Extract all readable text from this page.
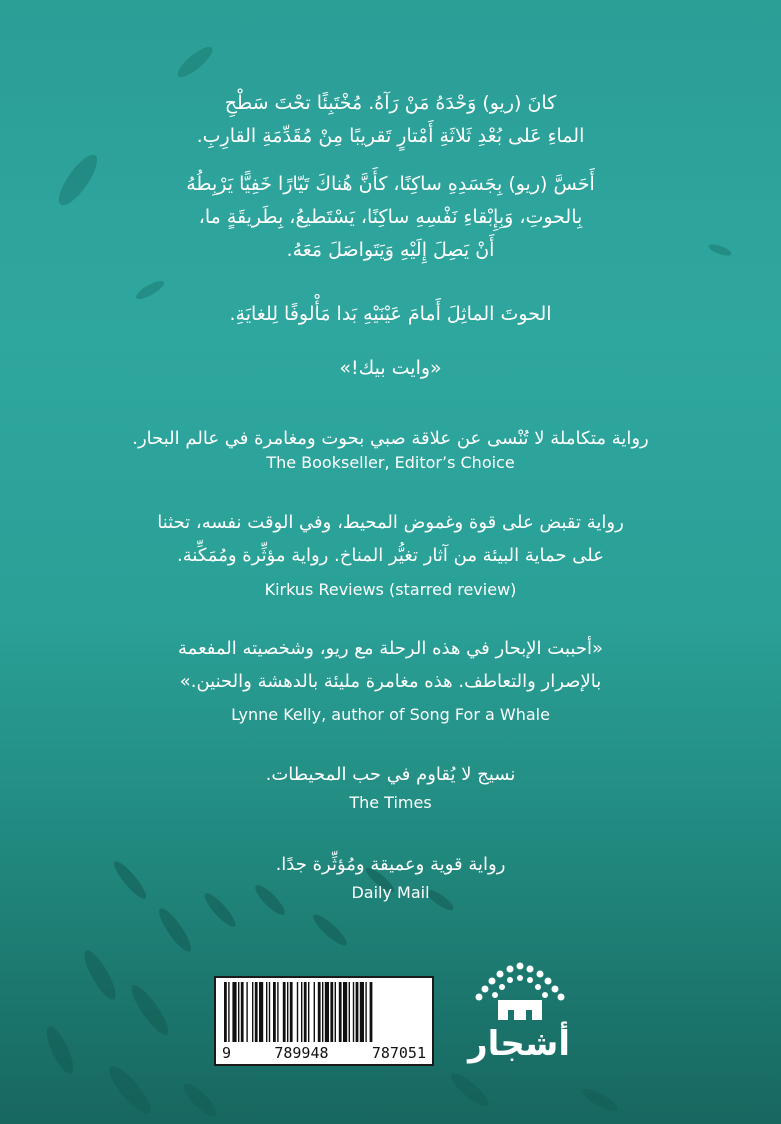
كانَ (ريو) وَحْدَهُ مَنْ رَآهُ. مُخْتَبِئًا تحْتَ سَطْحِ
الماءِ عَلى بُعْدِ ثَلاثَةِ أَمْتارٍ تَقريبًا مِنْ مُقَدِّمَةِ القارِبِ.
أَحَسَّ (ريو) بِجَسَدِهِ ساكِنًا، كأَنَّ هُناكَ تَيّارًا خَفِيًّا يَرْبِطُهُ
بِالحوتِ، وَبِإِبْقاءِ نَفْسِهِ ساكِنًا، يَسْتَطيعُ، بِطَريقَةٍ ما،
أَنْ يَصِلَ إِلَيْهِ وَيَتَواصَلَ مَعَهُ.
الحوتَ الماثِلَ أَمامَ عَيْنَيْهِ بَدا مَأْلوفًا لِلغايَةِ.
«وايت بيك!»
رواية متكاملة لا تُنْسى عن علاقة صبي بحوت ومغامرة في عالم البحار.
The Bookseller, Editor’s Choice
رواية تقبض على قوة وغموض المحيط، وفي الوقت نفسه، تحثنا
على حماية البيئة من آثار تغيُّر المناخ. رواية مؤثِّرة ومُمَكِّنة.
Kirkus Reviews (starred review)
«أحببت الإبحار في هذه الرحلة مع ريو، وشخصيته المفعمة
بالإصرار والتعاطف. هذه مغامرة مليئة بالدهشة والحنين.»
Lynne Kelly, author of Song For a Whale
نسيج لا يُقاوم في حب المحيطات.
The Times
رواية قوية وعميقة ومُؤثِّرة جدًا.
Daily Mail
9	789948	787051 أشجار
